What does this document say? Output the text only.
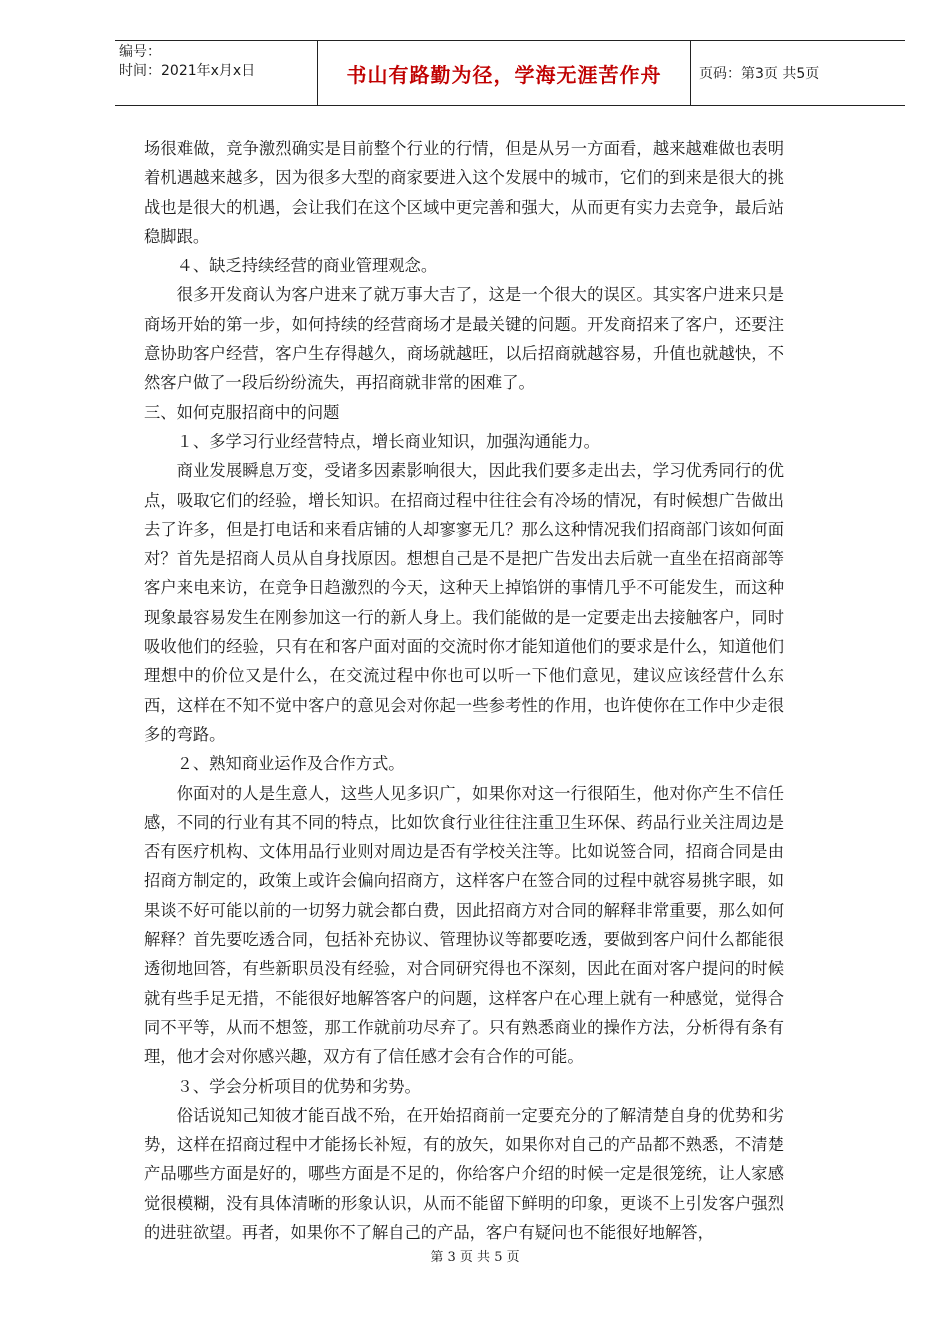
编号：
时间：2021年x月x日	书山有路勤为径，学海无涯苦作舟	页码：第3页 共5页

场很难做，竞争激烈确实是目前整个行业的行情，但是从另一方面看，越来越难做也表明着机遇越来越多，因为很多大型的商家要进入这个发展中的城市，它们的到来是很大的挑战也是很大的机遇，会让我们在这个区域中更完善和强大，从而更有实力去竞争，最后站稳脚跟。

４、缺乏持续经营的商业管理观念。

很多开发商认为客户进来了就万事大吉了，这是一个很大的误区。其实客户进来只是商场开始的第一步，如何持续的经营商场才是最关键的问题。开发商招来了客户，还要注意协助客户经营，客户生存得越久，商场就越旺，以后招商就越容易，升值也就越快，不然客户做了一段后纷纷流失，再招商就非常的困难了。

三、如何克服招商中的问题

１、多学习行业经营特点，增长商业知识，加强沟通能力。

商业发展瞬息万变，受诸多因素影响很大，因此我们要多走出去，学习优秀同行的优点，吸取它们的经验，增长知识。在招商过程中往往会有冷场的情况，有时候想广告做出去了许多，但是打电话和来看店铺的人却寥寥无几？那么这种情况我们招商部门该如何面对？首先是招商人员从自身找原因。想想自己是不是把广告发出去后就一直坐在招商部等客户来电来访，在竞争日趋激烈的今天，这种天上掉馅饼的事情几乎不可能发生，而这种现象最容易发生在刚参加这一行的新人身上。我们能做的是一定要走出去接触客户，同时吸收他们的经验，只有在和客户面对面的交流时你才能知道他们的要求是什么，知道他们理想中的价位又是什么，在交流过程中你也可以听一下他们意见，建议应该经营什么东西，这样在不知不觉中客户的意见会对你起一些参考性的作用，也许使你在工作中少走很多的弯路。

２、熟知商业运作及合作方式。

你面对的人是生意人，这些人见多识广，如果你对这一行很陌生，他对你产生不信任感，不同的行业有其不同的特点，比如饮食行业往往注重卫生环保、药品行业关注周边是否有医疗机构、文体用品行业则对周边是否有学校关注等。比如说签合同，招商合同是由招商方制定的，政策上或许会偏向招商方，这样客户在签合同的过程中就容易挑字眼，如果谈不好可能以前的一切努力就会都白费，因此招商方对合同的解释非常重要，那么如何解释？首先要吃透合同，包括补充协议、管理协议等都要吃透，要做到客户问什么都能很透彻地回答，有些新职员没有经验，对合同研究得也不深刻，因此在面对客户提问的时候就有些手足无措，不能很好地解答客户的问题，这样客户在心理上就有一种感觉，觉得合同不平等，从而不想签，那工作就前功尽弃了。只有熟悉商业的操作方法，分析得有条有理，他才会对你感兴趣，双方有了信任感才会有合作的可能。

３、学会分析项目的优势和劣势。

俗话说知己知彼才能百战不殆，在开始招商前一定要充分的了解清楚自身的优势和劣势，这样在招商过程中才能扬长补短，有的放矢，如果你对自己的产品都不熟悉，不清楚产品哪些方面是好的，哪些方面是不足的，你给客户介绍的时候一定是很笼统，让人家感觉很模糊，没有具体清晰的形象认识，从而不能留下鲜明的印象，更谈不上引发客户强烈的进驻欲望。再者，如果你不了解自己的产品，客户有疑问也不能很好地解答，

第 3 页 共 5 页
